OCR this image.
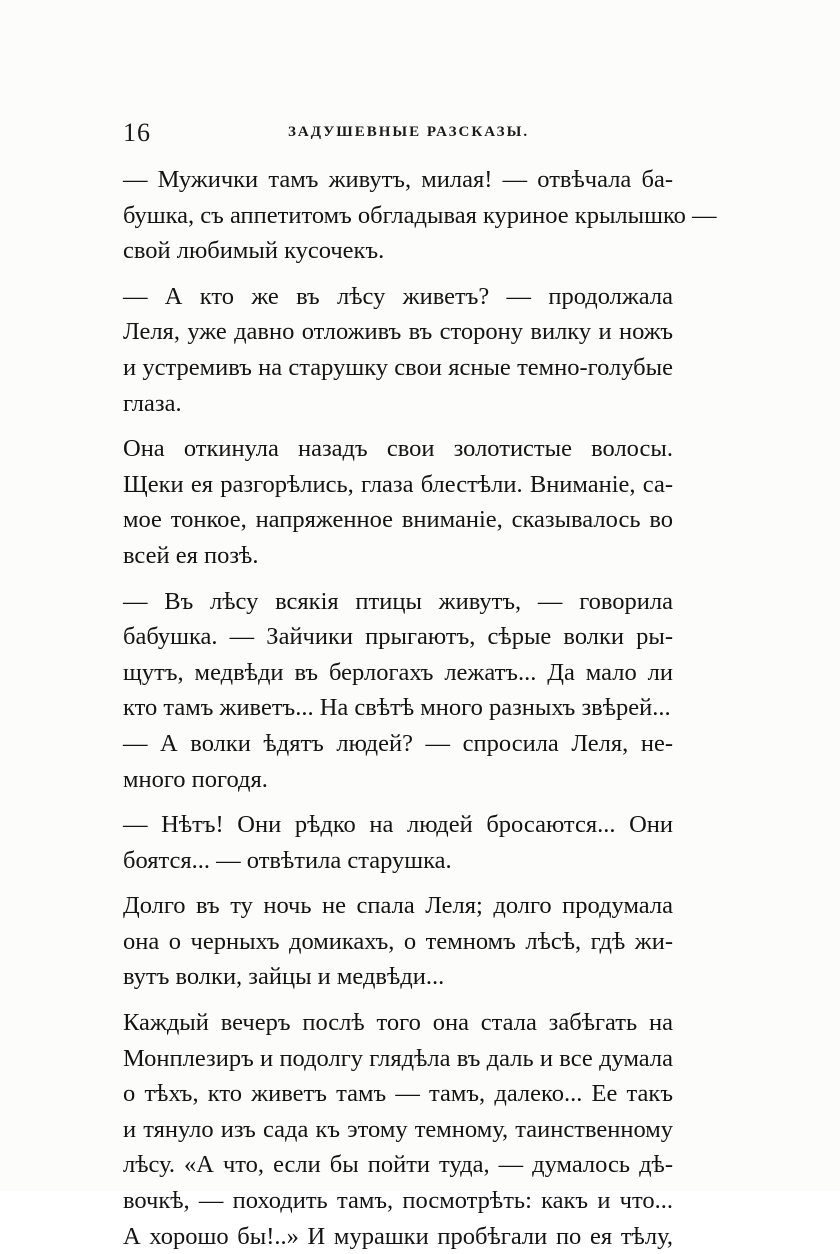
16	ЗАДУШЕВНЫЕ РАЗСКАЗЫ.
— Мужички тамъ живутъ, милая! — отвѣчала ба-
бушка, съ аппетитомъ обгладывая куриное крылышко —
свой любимый кусочекъ.
— А кто же въ лѣсу живетъ? — продолжала
Леля, уже давно отложивъ въ сторону вилку и ножъ
и устремивъ на старушку свои ясные темно-голубые
глаза.
Она откинула назадъ свои золотистые волосы.
Щеки ея разгорѣлись, глаза блестѣли. Вниманіе, са-
мое тонкое, напряженное вниманіе, сказывалось во
всей ея позѣ.
— Въ лѣсу всякія птицы живутъ, — говорила
бабушка. — Зайчики прыгаютъ, сѣрые волки ры-
щутъ, медвѣди въ берлогахъ лежатъ... Да мало ли
кто тамъ живетъ... На свѣтѣ много разныхъ звѣрей...
— А волки ѣдятъ людей? — спросила Леля, не-
много погодя.
— Нѣтъ! Они рѣдко на людей бросаются... Они
боятся... — отвѣтила старушка.
Долго въ ту ночь не спала Леля; долго продумала
она о черныхъ домикахъ, о темномъ лѣсѣ, гдѣ жи-
вутъ волки, зайцы и медвѣди...
Каждый вечеръ послѣ того она стала забѣгать на
Монплезиръ и подолгу глядѣла въ даль и все думала
о тѣхъ, кто живетъ тамъ — тамъ, далеко... Ее такъ
и тянуло изъ сада къ этому темному, таинственному
лѣсу. «А что, если бы пойти туда, — думалось дѣ-
вочкѣ, — походить тамъ, посмотрѣть: какъ и что...
А хорошо бы!..» И мурашки пробѣгали по ея тѣлу,
